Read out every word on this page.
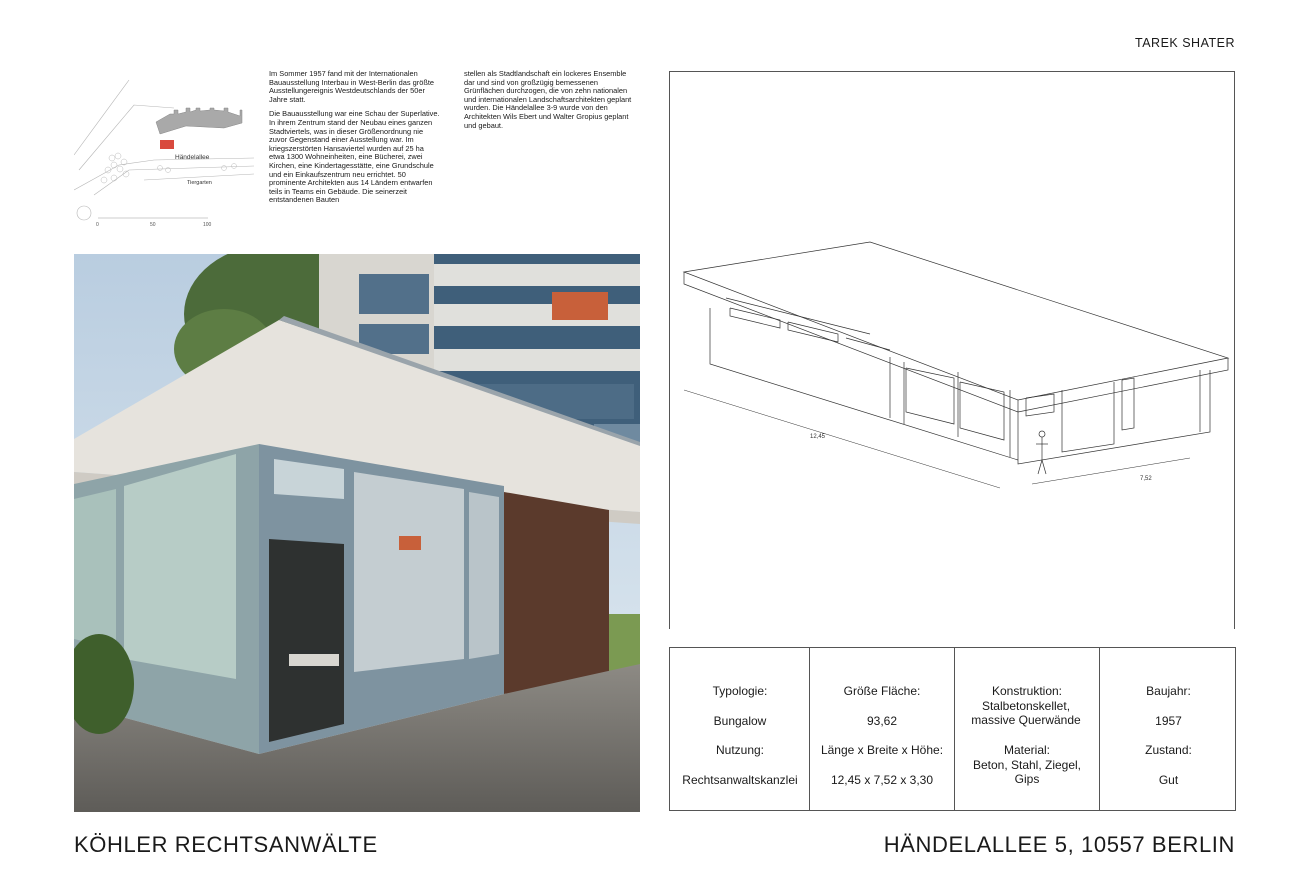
TAREK SHATER
Händelallee
Tiergarten
0	50	100

Im Sommer 1957 fand mit der Internationalen Bauausstellung Interbau in West-Berlin das größte Ausstellungereignis Westdeutschlands der 50er Jahre statt.

Die Bauausstellung war eine Schau der Superlative. In ihrem Zentrum stand der Neubau eines ganzen Stadtviertels, was in dieser Größenordnung nie zuvor Gegenstand einer Ausstellung war. Im kriegszerstörten Hansaviertel wurden auf 25 ha etwa 1300 Wohneinheiten, eine Bücherei, zwei Kirchen, eine Kindertagesstätte, eine Grundschule und ein Einkaufszentrum neu errichtet. 50 prominente Architekten aus 14 Ländern entwarfen teils in Teams ein Gebäude. Die seinerzeit entstandenen Bauten

stellen als Stadtlandschaft ein lockeres Ensemble dar und sind von großzügig bemessenen Grünflächen durchzogen, die von zehn nationalen und internationalen Landschaftsarchitekten geplant wurden. Die Händelallee 3-9 wurde von den Architekten Wils Ebert und Walter Gropius geplant und gebaut.

12,45
7,52
Typologie:
Bungalow
Nutzung:
Rechtsanwaltskanzlei
Größe Fläche:
93,62
Länge x Breite x Höhe:
12,45 x 7,52 x 3,30
Konstruktion:
Stalbetonskellet, massive Querwände
Material:
Beton, Stahl, Ziegel, Gips
Baujahr:
1957
Zustand:
Gut
KÖHLER RECHTSANWÄLTE	HÄNDELALLEE 5, 10557 BERLIN
